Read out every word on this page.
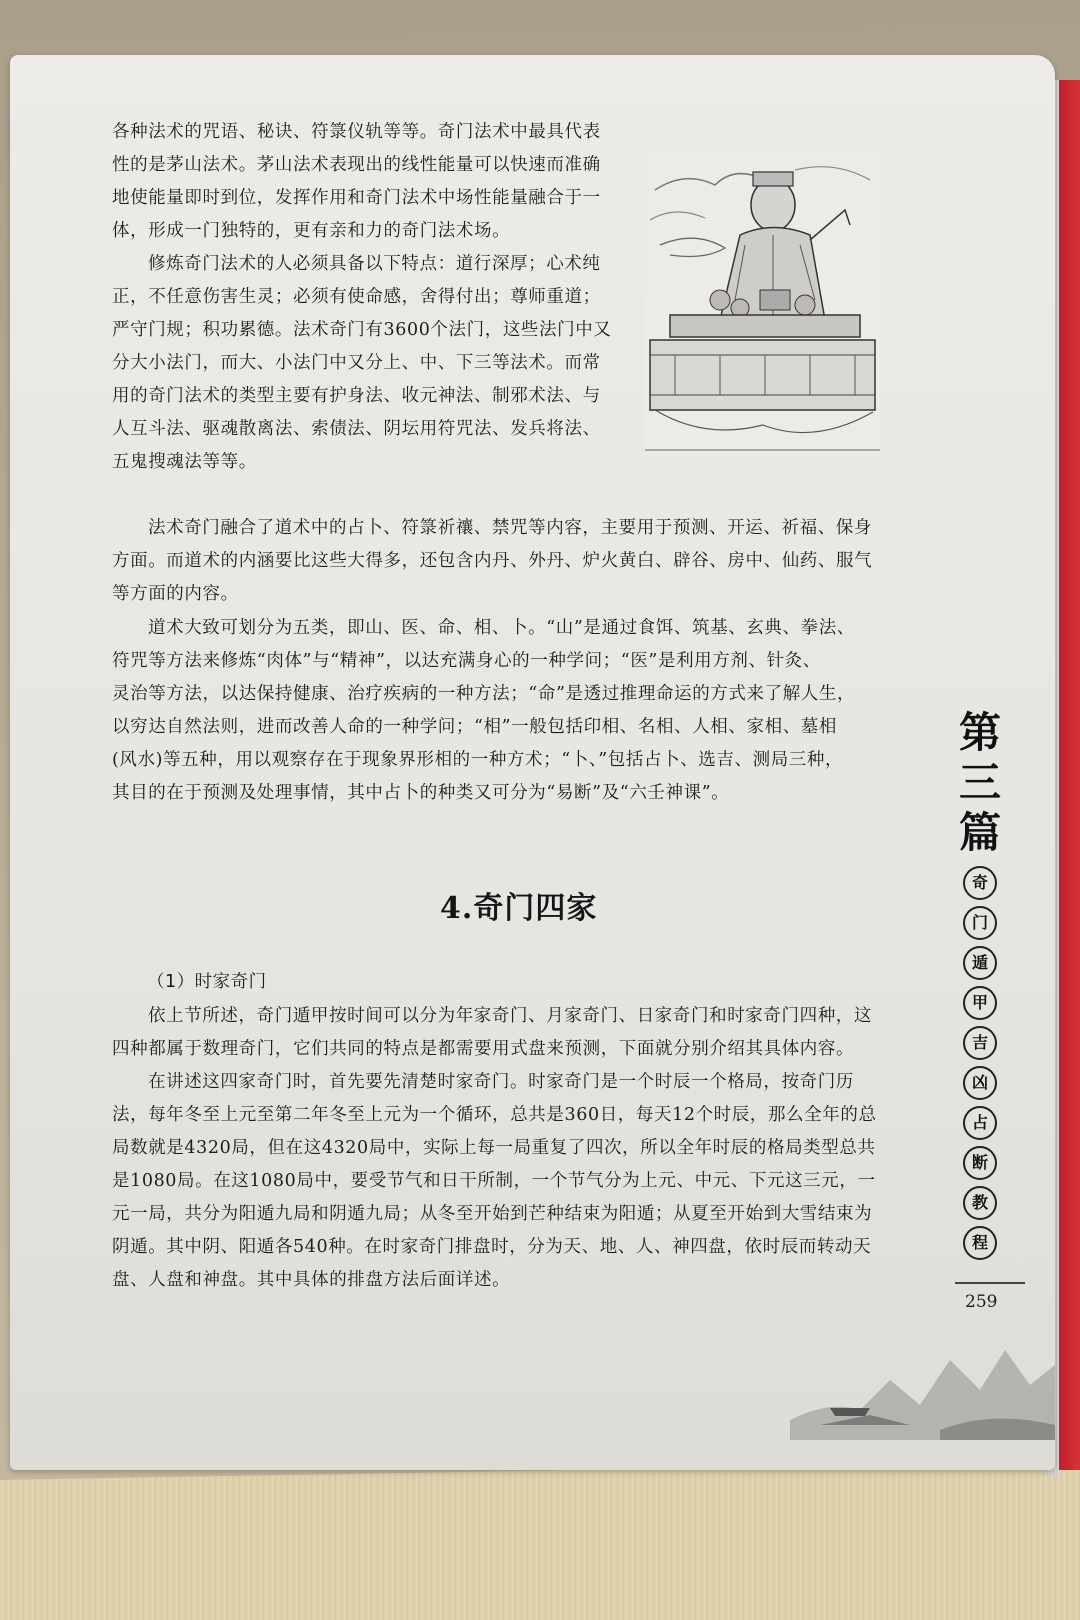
各种法术的咒语、秘诀、符箓仪轨等等。奇门法术中最具代表
性的是茅山法术。茅山法术表现出的线性能量可以快速而准确
地使能量即时到位，发挥作用和奇门法术中场性能量融合于一
体，形成一门独特的，更有亲和力的奇门法术场。

修炼奇门法术的人必须具备以下特点：道行深厚；心术纯
正，不任意伤害生灵；必须有使命感，舍得付出；尊师重道；
严守门规；积功累德。法术奇门有3600个法门，这些法门中又
分大小法门，而大、小法门中又分上、中、下三等法术。而常
用的奇门法术的类型主要有护身法、收元神法、制邪术法、与
人互斗法、驱魂散离法、索债法、阴坛用符咒法、发兵将法、
五鬼搜魂法等等。

法术奇门融合了道术中的占卜、符箓祈禳、禁咒等内容，主要用于预测、开运、祈福、保身
方面。而道术的内涵要比这些大得多，还包含内丹、外丹、炉火黄白、辟谷、房中、仙药、服气
等方面的内容。

道术大致可划分为五类，即山、医、命、相、卜。“山”是通过食饵、筑基、玄典、拳法、
符咒等方法来修炼“肉体”与“精神”，以达充满身心的一种学问；“医”是利用方剂、针灸、
灵治等方法，以达保持健康、治疗疾病的一种方法；“命”是透过推理命运的方式来了解人生，
以穷达自然法则，进而改善人命的一种学问；“相”一般包括印相、名相、人相、家相、墓相
(风水)等五种，用以观察存在于现象界形相的一种方术；“卜、”包括占卜、选吉、测局三种，
其目的在于预测及处理事情，其中占卜的种类又可分为“易断”及“六壬神课”。

4.奇门四家
（1）时家奇门

依上节所述，奇门遁甲按时间可以分为年家奇门、月家奇门、日家奇门和时家奇门四种，这
四种都属于数理奇门，它们共同的特点是都需要用式盘来预测，下面就分别介绍其具体内容。

在讲述这四家奇门时，首先要先清楚时家奇门。时家奇门是一个时辰一个格局，按奇门历
法，每年冬至上元至第二年冬至上元为一个循环，总共是360日，每天12个时辰，那么全年的总
局数就是4320局，但在这4320局中，实际上每一局重复了四次，所以全年时辰的格局类型总共
是1080局。在这1080局中，要受节气和日干所制，一个节气分为上元、中元、下元这三元，一
元一局，共分为阳遁九局和阴遁九局；从冬至开始到芒种结束为阳遁；从夏至开始到大雪结束为
阴遁。其中阴、阳遁各540种。在时家奇门排盘时，分为天、地、人、神四盘，依时辰而转动天
盘、人盘和神盘。其中具体的排盘方法后面详述。

第
三
篇
奇
门
遁
甲
吉
凶
占
断
教
程
259
